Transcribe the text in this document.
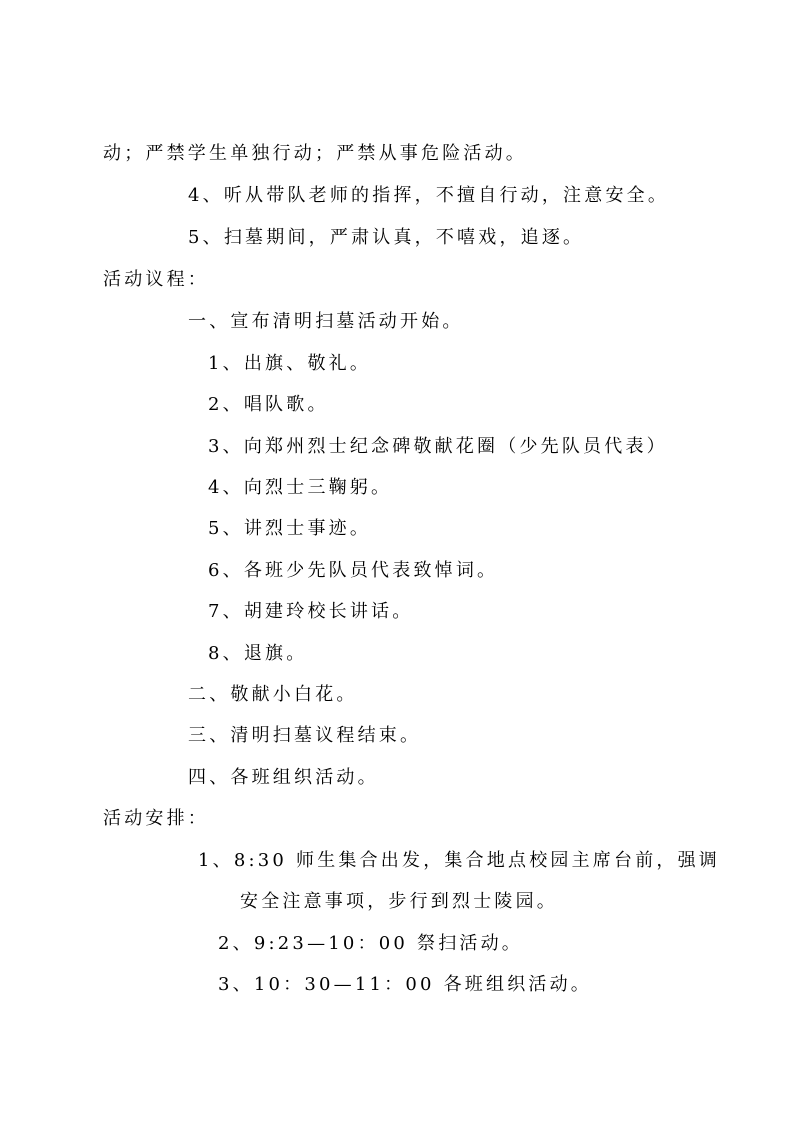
动；严禁学生单独行动；严禁从事危险活动。
4、听从带队老师的指挥，不擅自行动，注意安全。
5、扫墓期间，严肃认真，不嘻戏，追逐。
活动议程：
一、宣布清明扫墓活动开始。
1、出旗、敬礼。
2、唱队歌。
3、向郑州烈士纪念碑敬献花圈（少先队员代表）
4、向烈士三鞠躬。
5、讲烈士事迹。
6、各班少先队员代表致悼词。
7、胡建玲校长讲话。
8、退旗。
二、敬献小白花。
三、清明扫墓议程结束。
四、各班组织活动。
活动安排：
1、8:30 师生集合出发，集合地点校园主席台前，强调
安全注意事项，步行到烈士陵园。
2、9:23—10：00 祭扫活动。
3、10：30—11：00 各班组织活动。
